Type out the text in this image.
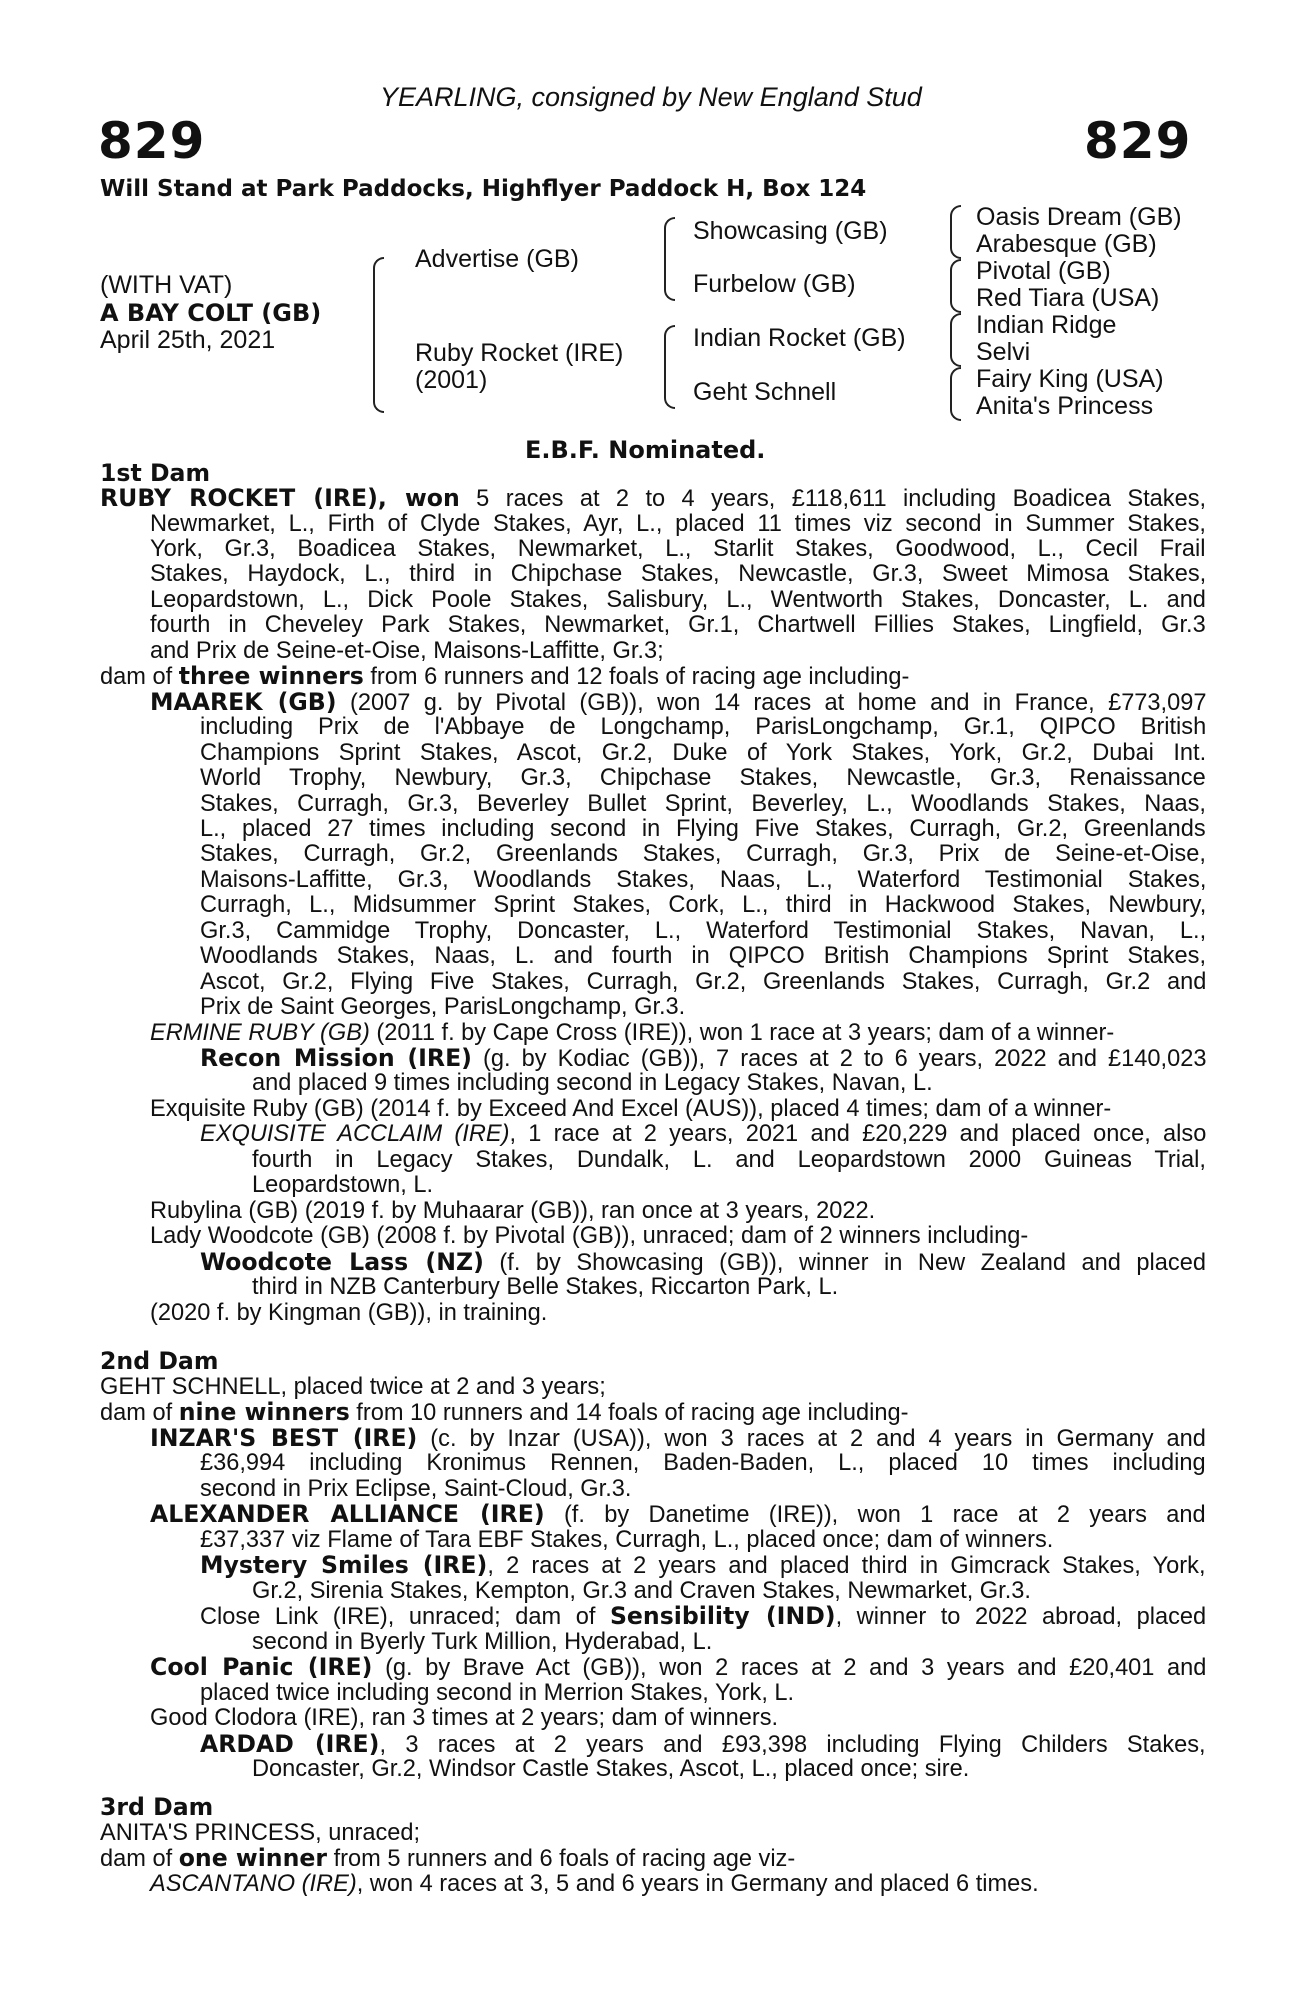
YEARLING, consigned by New England Stud
829	829
Will Stand at Park Paddocks, Highflyer Paddock H, Box 124
(WITH VAT)
A BAY COLT (GB)
April 25th, 2021
Advertise (GB)
Ruby Rocket (IRE)
(2001)
Showcasing (GB)
Furbelow (GB)
Indian Rocket (GB)
Geht Schnell
Oasis Dream (GB)
Arabesque (GB)
Pivotal (GB)
Red Tiara (USA)
Indian Ridge
Selvi
Fairy King (USA)
Anita's Princess
E.B.F. Nominated.
1st Dam
RUBY ROCKET (IRE), won 5 races at 2 to 4 years, £118,611 including Boadicea Stakes,
Newmarket, L., Firth of Clyde Stakes, Ayr, L., placed 11 times viz second in Summer Stakes,
York, Gr.3, Boadicea Stakes, Newmarket, L., Starlit Stakes, Goodwood, L., Cecil Frail
Stakes, Haydock, L., third in Chipchase Stakes, Newcastle, Gr.3, Sweet Mimosa Stakes,
Leopardstown, L., Dick Poole Stakes, Salisbury, L., Wentworth Stakes, Doncaster, L. and
fourth in Cheveley Park Stakes, Newmarket, Gr.1, Chartwell Fillies Stakes, Lingfield, Gr.3
and Prix de Seine-et-Oise, Maisons-Laffitte, Gr.3;
dam of three winners from 6 runners and 12 foals of racing age including-
MAAREK (GB) (2007 g. by Pivotal (GB)), won 14 races at home and in France, £773,097
including Prix de l'Abbaye de Longchamp, ParisLongchamp, Gr.1, QIPCO British
Champions Sprint Stakes, Ascot, Gr.2, Duke of York Stakes, York, Gr.2, Dubai Int.
World Trophy, Newbury, Gr.3, Chipchase Stakes, Newcastle, Gr.3, Renaissance
Stakes, Curragh, Gr.3, Beverley Bullet Sprint, Beverley, L., Woodlands Stakes, Naas,
L., placed 27 times including second in Flying Five Stakes, Curragh, Gr.2, Greenlands
Stakes, Curragh, Gr.2, Greenlands Stakes, Curragh, Gr.3, Prix de Seine-et-Oise,
Maisons-Laffitte, Gr.3, Woodlands Stakes, Naas, L., Waterford Testimonial Stakes,
Curragh, L., Midsummer Sprint Stakes, Cork, L., third in Hackwood Stakes, Newbury,
Gr.3, Cammidge Trophy, Doncaster, L., Waterford Testimonial Stakes, Navan, L.,
Woodlands Stakes, Naas, L. and fourth in QIPCO British Champions Sprint Stakes,
Ascot, Gr.2, Flying Five Stakes, Curragh, Gr.2, Greenlands Stakes, Curragh, Gr.2 and
Prix de Saint Georges, ParisLongchamp, Gr.3.
ERMINE RUBY (GB) (2011 f. by Cape Cross (IRE)), won 1 race at 3 years; dam of a winner-
Recon Mission (IRE) (g. by Kodiac (GB)), 7 races at 2 to 6 years, 2022 and £140,023
and placed 9 times including second in Legacy Stakes, Navan, L.
Exquisite Ruby (GB) (2014 f. by Exceed And Excel (AUS)), placed 4 times; dam of a winner-
EXQUISITE ACCLAIM (IRE), 1 race at 2 years, 2021 and £20,229 and placed once, also
fourth in Legacy Stakes, Dundalk, L. and Leopardstown 2000 Guineas Trial,
Leopardstown, L.
Rubylina (GB) (2019 f. by Muhaarar (GB)), ran once at 3 years, 2022.
Lady Woodcote (GB) (2008 f. by Pivotal (GB)), unraced; dam of 2 winners including-
Woodcote Lass (NZ) (f. by Showcasing (GB)), winner in New Zealand and placed
third in NZB Canterbury Belle Stakes, Riccarton Park, L.
(2020 f. by Kingman (GB)), in training.
2nd Dam
GEHT SCHNELL, placed twice at 2 and 3 years;
dam of nine winners from 10 runners and 14 foals of racing age including-
INZAR'S BEST (IRE) (c. by Inzar (USA)), won 3 races at 2 and 4 years in Germany and
£36,994 including Kronimus Rennen, Baden-Baden, L., placed 10 times including
second in Prix Eclipse, Saint-Cloud, Gr.3.
ALEXANDER ALLIANCE (IRE) (f. by Danetime (IRE)), won 1 race at 2 years and
£37,337 viz Flame of Tara EBF Stakes, Curragh, L., placed once; dam of winners.
Mystery Smiles (IRE), 2 races at 2 years and placed third in Gimcrack Stakes, York,
Gr.2, Sirenia Stakes, Kempton, Gr.3 and Craven Stakes, Newmarket, Gr.3.
Close Link (IRE), unraced; dam of Sensibility (IND), winner to 2022 abroad, placed
second in Byerly Turk Million, Hyderabad, L.
Cool Panic (IRE) (g. by Brave Act (GB)), won 2 races at 2 and 3 years and £20,401 and
placed twice including second in Merrion Stakes, York, L.
Good Clodora (IRE), ran 3 times at 2 years; dam of winners.
ARDAD (IRE), 3 races at 2 years and £93,398 including Flying Childers Stakes,
Doncaster, Gr.2, Windsor Castle Stakes, Ascot, L., placed once; sire.
3rd Dam
ANITA'S PRINCESS, unraced;
dam of one winner from 5 runners and 6 foals of racing age viz-
ASCANTANO (IRE), won 4 races at 3, 5 and 6 years in Germany and placed 6 times.
